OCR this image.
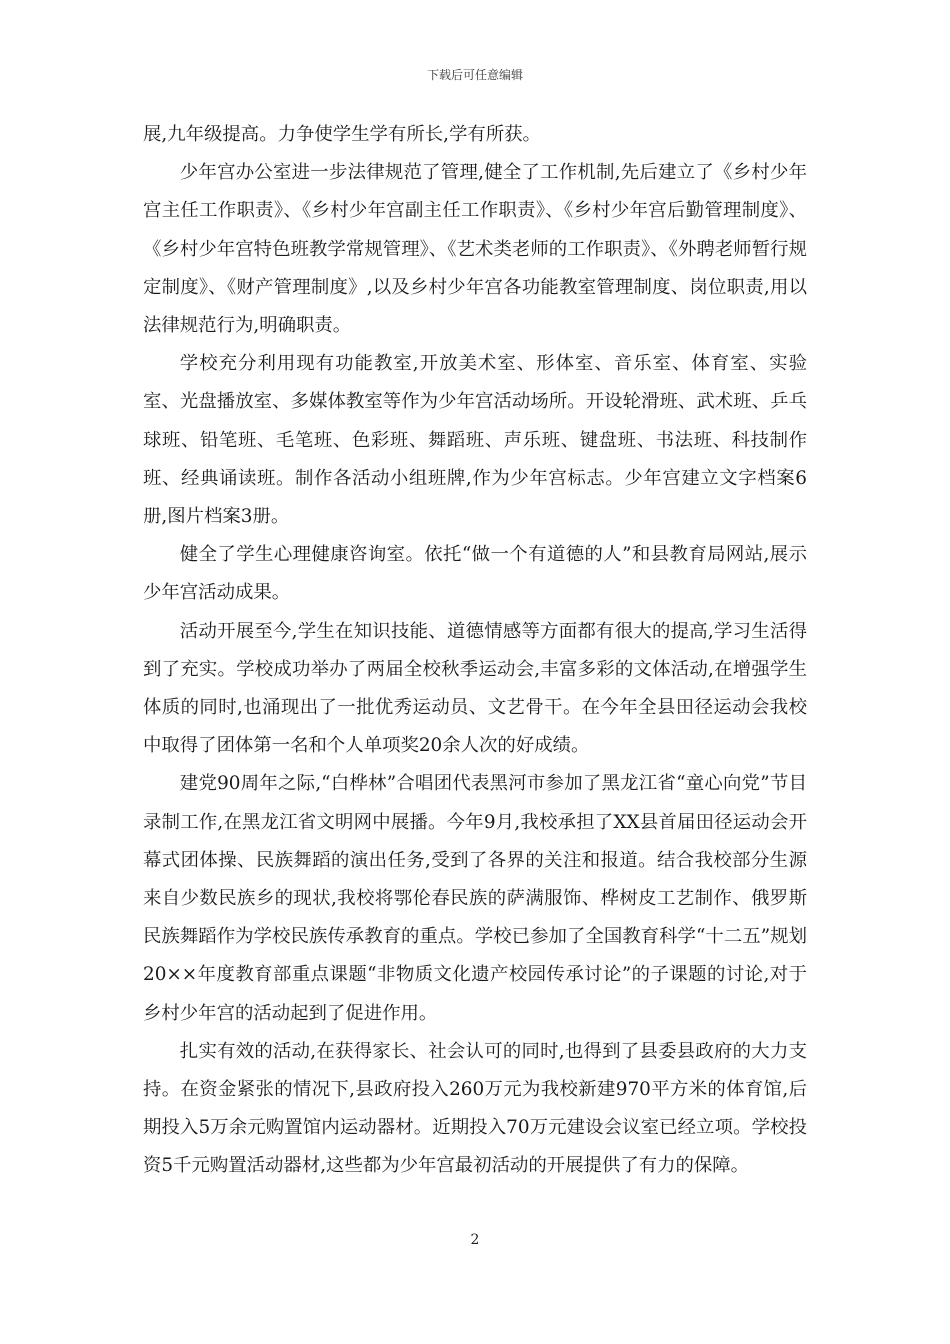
下载后可任意编辑

展,九年级提高。力争使学生学有所长,学有所获。

少年宫办公室进一步法律规范了管理,健全了工作机制,先后建立了《乡村少年宫主任工作职责》、《乡村少年宫副主任工作职责》、《乡村少年宫后勤管理制度》、《乡村少年宫特色班教学常规管理》、《艺术类老师的工作职责》、《外聘老师暂行规定制度》、《财产管理制度》,以及乡村少年宫各功能教室管理制度、岗位职责,用以法律规范行为,明确职责。

学校充分利用现有功能教室,开放美术室、形体室、音乐室、体育室、实验室、光盘播放室、多媒体教室等作为少年宫活动场所。开设轮滑班、武术班、乒乓球班、铅笔班、毛笔班、色彩班、舞蹈班、声乐班、键盘班、书法班、科技制作班、经典诵读班。制作各活动小组班牌,作为少年宫标志。少年宫建立文字档案6册,图片档案3册。

健全了学生心理健康咨询室。依托“做一个有道德的人”和县教育局网站,展示少年宫活动成果。

活动开展至今,学生在知识技能、道德情感等方面都有很大的提高,学习生活得到了充实。学校成功举办了两届全校秋季运动会,丰富多彩的文体活动,在增强学生体质的同时,也涌现出了一批优秀运动员、文艺骨干。在今年全县田径运动会我校中取得了团体第一名和个人单项奖20余人次的好成绩。

建党90周年之际,“白桦林”合唱团代表黑河市参加了黑龙江省“童心向党”节目录制工作,在黑龙江省文明网中展播。今年9月,我校承担了XX县首届田径运动会开幕式团体操、民族舞蹈的演出任务,受到了各界的关注和报道。结合我校部分生源来自少数民族乡的现状,我校将鄂伦春民族的萨满服饰、桦树皮工艺制作、俄罗斯民族舞蹈作为学校民族传承教育的重点。学校已参加了全国教育科学“十二五”规划20××年度教育部重点课题“非物质文化遗产校园传承讨论”的子课题的讨论,对于乡村少年宫的活动起到了促进作用。

扎实有效的活动,在获得家长、社会认可的同时,也得到了县委县政府的大力支持。在资金紧张的情况下,县政府投入260万元为我校新建970平方米的体育馆,后期投入5万余元购置馆内运动器材。近期投入70万元建设会议室已经立项。学校投资5千元购置活动器材,这些都为少年宫最初活动的开展提供了有力的保障。

2
